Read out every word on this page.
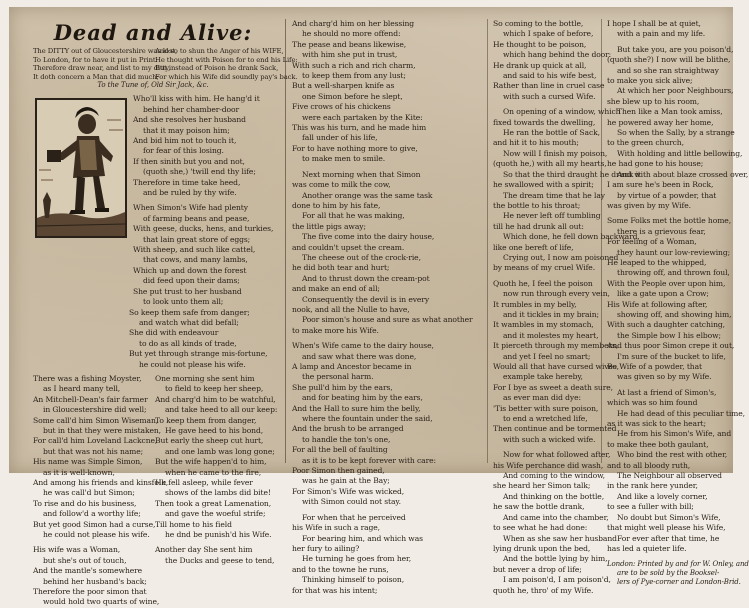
Dead and Alive:
The DITTY out of Gloucestershire was lost,
And so to shun the Anger of his WIFE,
To London, for to have it put in Print:
He thought with Poison for to end his Life:
Therefore draw near, and list to my ditty,
But instead of Poison he drank Sack,
It doth concern a Man that did much;
For which his Wife did soundly pay's back.
To the Tune of, Old Sir Jack, &c.
Who'll kiss with him. He hang'd it
behind her chamber-door
And she resolves her husband
that it may poison him;
And bid him not to touch it,
for fear of this losing.
If then sinith but you and not,
(quoth she,) 'twill end thy life;
Therefore in time take heed,
and be ruled by thy wife.
When Simon's Wife had plenty
of farming beans and pease,
With geese, ducks, hens, and turkies,
that lain great store of eggs;
With sheep, and such like cattel,
that cows, and many lambs,
Which up and down the forest
did feed upon their dams;
She put trust to her husband
to look unto them all;
So keep them safe from danger;
and watch what did befall;
She did with endeavour
to do as all kinds of trade,
But yet through strange mis-fortune,
he could not please his wife.
There was a fishing Moyster,
as I heard many tell,
An Mitchell-Dean's fair farmer
in Gloucestershire did well;
Some call'd him Simon Wiseman,
but in that they were mistaken,
For call'd him Loveland Lackcne,
but that was not his name;
His name was Simple Simon,
as it is well-known,
And among his friends and kinsfolk,
he was call'd but Simon;
To rise and do his business,
and follow'd a worthy life;
But yet good Simon had a curse,
he could not please his wife.
His wife was a Woman,
but she's out of touch,
And the mantle's somewhere
behind her husband's back;
Therefore the poor simon that
would hold two quarts of wine,
One morning she sent him
to field to keep her sheep,
And charg'd him to be watchful,
and take heed to all our keep:
To keep them from danger,
He gave heed to his bond,
But early the sheep cut hurt,
and one lamb was long gone;
But the wife happen'd to him,
when he came to the fire,
He fell asleep, while fever
shows of the lambs did bite!
Then took a great Lamenation,
and gave the woeful strife;
Till home to his field
he dnd be punish'd his Wife.
Another day She sent him
the Ducks and geese to tend,
And charg'd him on her blessing
he should no more offend:
The pease and beans likewise,
with him she put in trust,
With such a rich and rich charm,
to keep them from any lust;
But a well-sharpen knife as
one Simon before he slept,
Five crows of his chickens
were each partaken by the Kite:
This was his turn, and he made him
fall under of his life,
For to have nothing more to give,
to make men to smile.
Next morning when that Simon
was come to milk the cow,
Another orange was the same task
done to him by his fate,
For all that he was making,
the little pigs away;
The five come into the dairy house,
and couldn't upset the cream.
The cheese out of the crock-rie,
he did both tear and hurt;
And to thrust down the cream-pot
and make an end of all;
Consequently the devil is in every
nook, and all the Nulle to have,
Poor simon's house and sure as what another
to make more his Wife.
When's Wife came to the dairy house,
and saw what there was done,
A lamp and Ancestor became in
the personal harm.
She pull'd him by the ears,
and for beating him by the ears,
And the Hall to sure him the belly,
where the fountain under the said,
And the brush to be arranged
to handle the ton's one,
For all the bell of faulting
as it is to be kept forever with care:
Poor Simon then gained,
was he gain at the Bay;
For Simon's Wife was wicked,
with Simon could not stay.
For when that he perceived
his Wife in such a rage,
For bearing him, and which was
her fury to ailing?
He turning he goes from her,
and to the towne he runs,
Thinking himself to poison,
for that was his intent;
So coming to the bottle,
which I spake of before,
He thought to be poison,
which hang behind the door:
He drank up quick at all,
and said to his wife best,
Rather than line in cruel case
with such a cursed Wife.
On opening of a window, which
fixed towards the dwelling,
He ran the bottle of Sack,
and hit it to his mouth;
Now will I finish my poison,
(quoth he,) with all my hearts,
So that the third draught he drank it
he swallowed with a spirit;
The dream time that he lay
the bottle to his throat;
He never left off tumbling
till he had drunk all out:
Which done, he fell down backward,
like one bereft of life,
Crying out, I now am poisoned
by means of my cruel Wife.
Quoth he, I feel the poison
now run through every vein,
It rumbles in my belly,
and it tickles in my brain;
It wambles in my stomach,
and it molestes my heart,
It pierceth through my members,
and yet I feel no smart;
Would all that have cursed wives,
example take hereby,
For I bye as sweet a death sure,
as ever man did dye:
'Tis better with sure poison,
to end a wretched life,
Then continue and be tormented
with such a wicked wife.
Now for what followed after,
his Wife perchance did wash,
And coming to the window,
she heard her Simon talk;
And thinking on the bottle,
he saw the bottle drank,
And came into the chamber,
to see what he had done:
When as she saw her husband
lying drunk upon the bed,
And the bottle lying by him,
but never a drop of life;
I am poison'd, I am poison'd,
quoth he, thro' of my Wife.
I hope I shall be at quiet,
with a pain and my life.
But take you, are you poison'd,
(quoth she?) I now will be blithe,
and so she ran straightway
to make you sick alive;
At which her poor Neighbours,
she blew up to his room,
Then like a Man took amiss,
he powered away her home,
So when the Sally, by a strange
to the green church,
With holding and little bellowing,
he had gone to his house;
And with about blaze crossed over,
I am sure he's been in Rock,
by virtue of a powder, that
was given by my Wife.
Some Folks met the bottle home,
there is a grievous fear,
For feeling of a Woman,
they haunt our low-reviewing;
He leaped to the whipped,
throwing off, and thrown foul,
With the People over upon him,
like a gate upon a Crow;
His Wife at following after,
showing off, and showing him,
With such a daughter catching,
the Simple bow I his elbow;
And thus poor Simon crepe it out,
I'm sure of the bucket to life,
Be Wife of a powder, that
was given so by my Wife.
At last a friend of Simon's,
which was so him found
He had dead of this peculiar time,
as it was sick to the heart;
He from his Simon's Wife, and
to make thee both gaulant,
Who bind the rest with other,
and to all bloody ruth,
The Neighbour all observed
in the rank here yunder,
And like a lovely corner,
to see a fuller with bill;
No doubt but Simon's Wife,
that might well please his Wife,
For ever after that time, he
has led a quieter life.
London: Printed by and for W. Onley, and
are to be sold by the Booksel-
lers of Pye-corner and London-Brid.
